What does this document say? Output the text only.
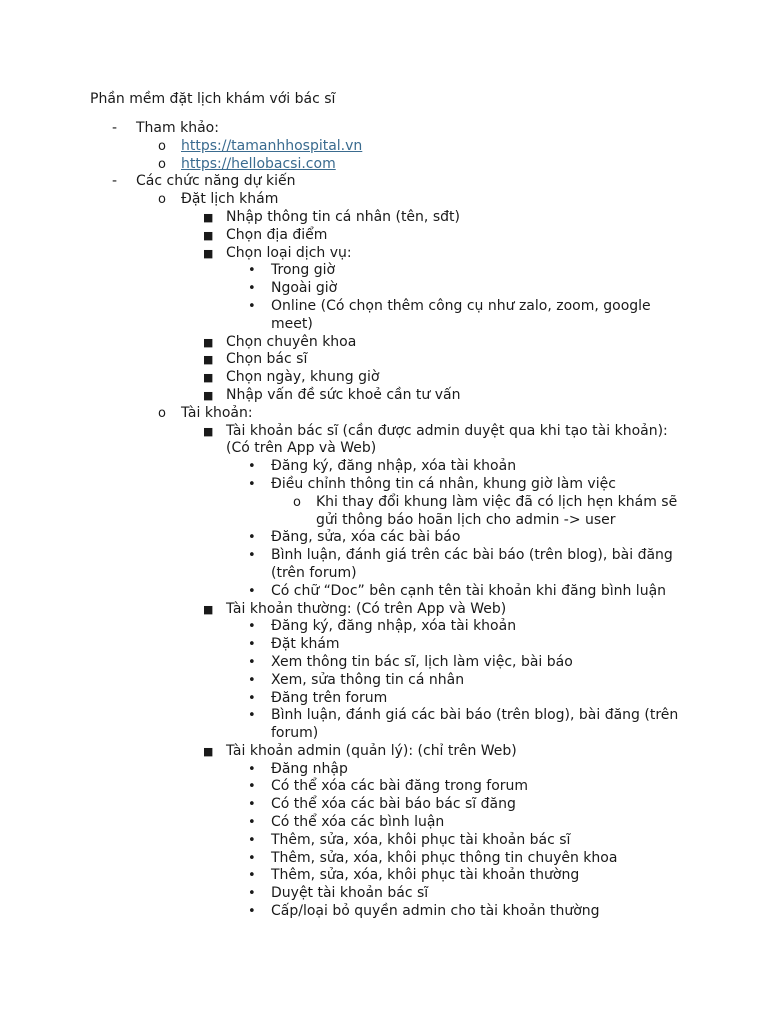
Phần mềm đặt lịch khám với bác sĩ
- Tham khảo:
o https://tamanhhospital.vn
o https://hellobacsi.com
- Các chức năng dự kiến
o Đặt lịch khám
■ Nhập thông tin cá nhân (tên, sđt)
■ Chọn địa điểm
■ Chọn loại dịch vụ:
• Trong giờ
• Ngoài giờ
• Online (Có chọn thêm công cụ như zalo, zoom, google meet)
■ Chọn chuyên khoa
■ Chọn bác sĩ
■ Chọn ngày, khung giờ
■ Nhập vấn đề sức khoẻ cần tư vấn
o Tài khoản:
■ Tài khoản bác sĩ (cần được admin duyệt qua khi tạo tài khoản): (Có trên App và Web)
• Đăng ký, đăng nhập, xóa tài khoản
• Điều chỉnh thông tin cá nhân, khung giờ làm việc
o Khi thay đổi khung làm việc đã có lịch hẹn khám sẽ gửi thông báo hoãn lịch cho admin -> user
• Đăng, sửa, xóa các bài báo
• Bình luận, đánh giá trên các bài báo (trên blog), bài đăng (trên forum)
• Có chữ “Doc” bên cạnh tên tài khoản khi đăng bình luận
■ Tài khoản thường: (Có trên App và Web)
• Đăng ký, đăng nhập, xóa tài khoản
• Đặt khám
• Xem thông tin bác sĩ, lịch làm việc, bài báo
• Xem, sửa thông tin cá nhân
• Đăng trên forum
• Bình luận, đánh giá các bài báo (trên blog), bài đăng (trên forum)
■ Tài khoản admin (quản lý): (chỉ trên Web)
• Đăng nhập
• Có thể xóa các bài đăng trong forum
• Có thể xóa các bài báo bác sĩ đăng
• Có thể xóa các bình luận
• Thêm, sửa, xóa, khôi phục tài khoản bác sĩ
• Thêm, sửa, xóa, khôi phục thông tin chuyên khoa
• Thêm, sửa, xóa, khôi phục tài khoản thường
• Duyệt tài khoản bác sĩ
• Cấp/loại bỏ quyền admin cho tài khoản thường
